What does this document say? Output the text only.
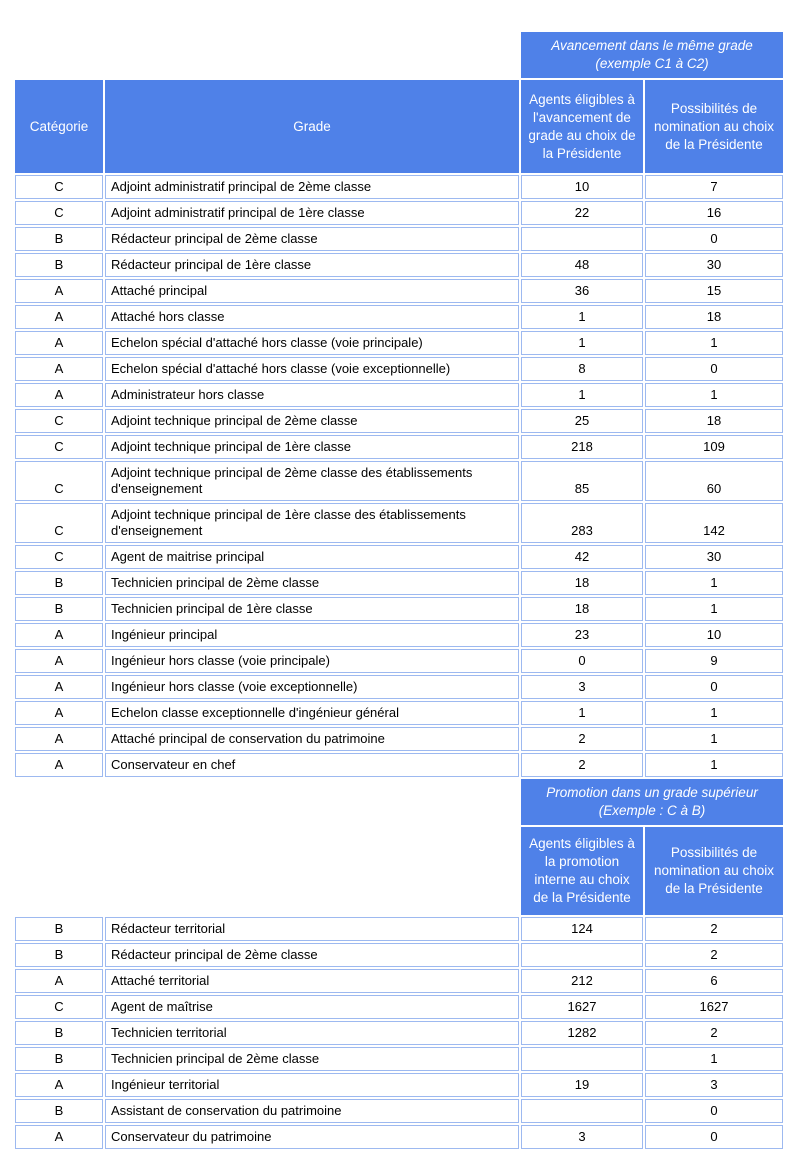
		Avancement dans le même grade (exemple C1 à C2)	
Catégorie	Grade	Agents éligibles à l'avancement de grade au choix de la Présidente	Possibilités de nomination au choix de la Présidente
C	Adjoint administratif principal de 2ème classe	10	7
C	Adjoint administratif principal de 1ère classe	22	16
B	Rédacteur principal de 2ème classe		0
B	Rédacteur principal de 1ère classe	48	30
A	Attaché principal	36	15
A	Attaché hors classe	1	18
A	Echelon spécial d'attaché hors classe (voie principale)	1	1
A	Echelon spécial d'attaché hors classe (voie exceptionnelle)	8	0
A	Administrateur hors classe	1	1
C	Adjoint technique principal de 2ème classe	25	18
C	Adjoint technique principal de 1ère classe	218	109
C	Adjoint technique principal de 2ème classe des établissements d'enseignement	85	60
C	Adjoint technique principal de 1ère classe des établissements d'enseignement	283	142
C	Agent de maitrise principal	42	30
B	Technicien principal de 2ème classe	18	1
B	Technicien principal de 1ère classe	18	1
A	Ingénieur principal	23	10
A	Ingénieur hors classe (voie principale)	0	9
A	Ingénieur hors classe (voie exceptionnelle)	3	0
A	Echelon classe exceptionnelle d'ingénieur général	1	1
A	Attaché principal de conservation du patrimoine	2	1
A	Conservateur en chef	2	1
		Promotion dans un grade supérieur (Exemple : C à B)	
		Agents éligibles à la promotion interne au choix de la Présidente	Possibilités de nomination au choix de la Présidente
B	Rédacteur territorial	124	2
B	Rédacteur principal de 2ème classe		2
A	Attaché territorial	212	6
C	Agent de maîtrise	1627	1627
B	Technicien territorial	1282	2
B	Technicien principal de 2ème classe		1
A	Ingénieur territorial	19	3
B	Assistant de conservation du patrimoine		0
A	Conservateur du patrimoine	3	0
